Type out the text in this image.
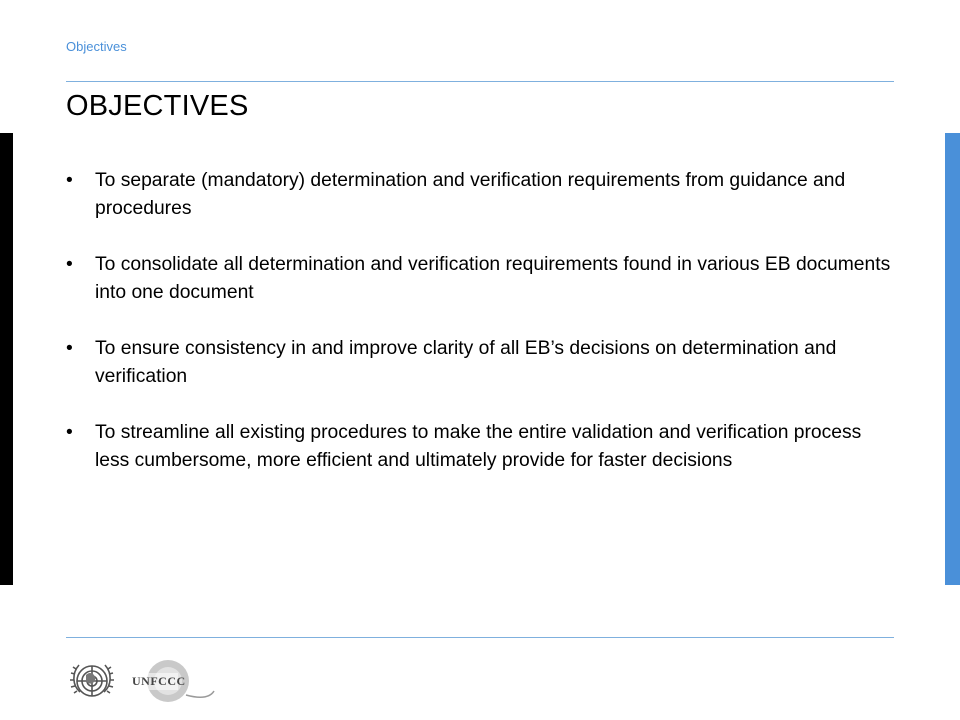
Objectives
OBJECTIVES
• To separate (mandatory) determination and verification requirements from guidance and procedures
• To consolidate all determination and verification requirements found in various EB documents into one document
• To ensure consistency in and improve clarity of all EB’s decisions on determination and verification
• To streamline all existing procedures to make the entire validation and verification process less cumbersome, more efficient and ultimately provide for faster decisions
UNFCCC
